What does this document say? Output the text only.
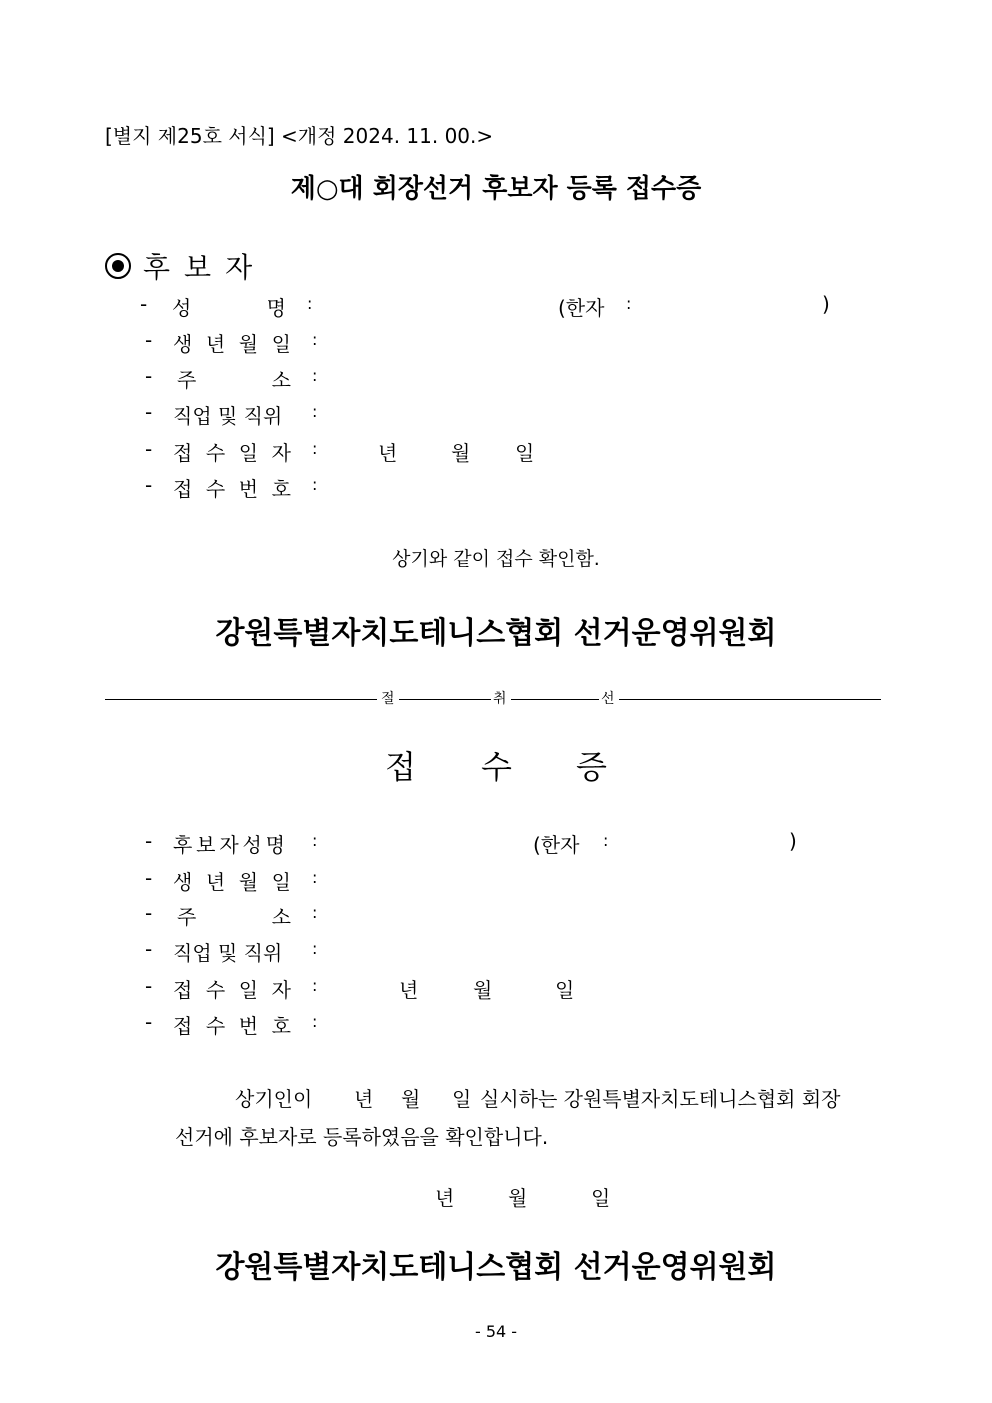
[별지 제25호 서식] <개정 2024. 11. 00.>
제○대 회장선거 후보자 등록 접수증
후보자
- 성	명 :	(한자 :	)
- 생 년 월 일 :
- 주	소 :
- 직업 및 직위	:
- 접 수 일 자 :	년	월 일
- 접 수 번 호 :
상기와 같이 접수 확인함.
강원특별자치도테니스협회 선거운영위원회
절	취	선
접 수 증
- 후 보 자 성 명 :	(한자 :	)
- 생 년 월 일 :
- 주	소 :
- 직업 및 직위	:
- 접 수 일 자 :	년	월	일
- 접 수 번 호 :
상기인이 년 월 일 실시하는 강원특별자치도테니스협회 회장
선거에 후보자로 등록하였음을 확인합니다.
년	월	일
강원특별자치도테니스협회 선거운영위원회
- 54 -
